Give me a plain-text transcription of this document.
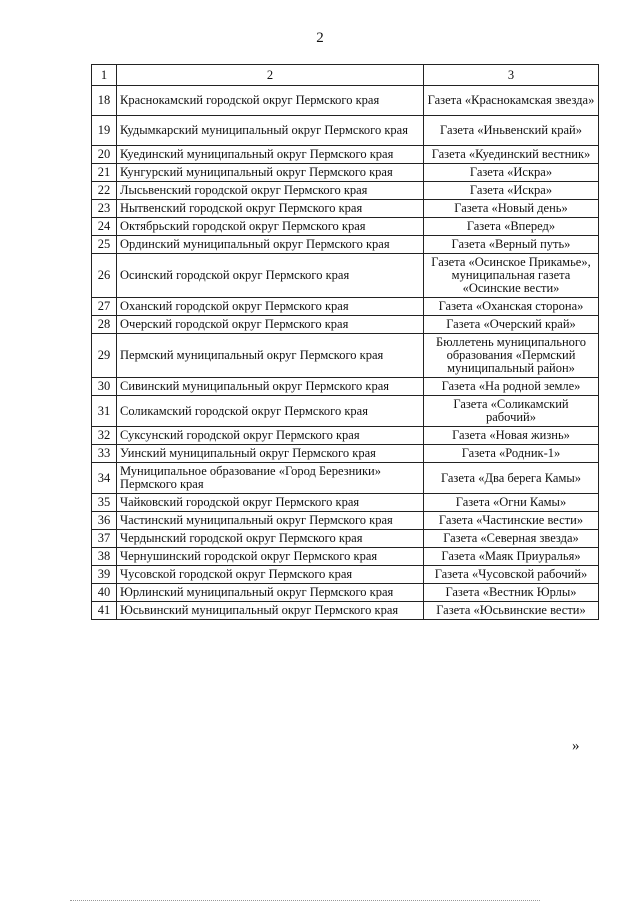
2
1	2	3
18	Краснокамский городской округ Пермского края	Газета «Краснокамская звезда»
19	Кудымкарский муниципальный округ Пермского края	Газета «Иньвенский край»
20	Куединский муниципальный округ Пермского края	Газета «Куединский вестник»
21	Кунгурский муниципальный округ Пермского края	Газета «Искра»
22	Лысьвенский городской округ Пермского края	Газета «Искра»
23	Нытвенский городской округ Пермского края	Газета «Новый день»
24	Октябрьский городской округ Пермского края	Газета «Вперед»
25	Ординский муниципальный округ Пермского края	Газета «Верный путь»
26	Осинский городской округ Пермского края	Газета «Осинское Прикамье», муниципальная газета «Осинские вести»
27	Оханский городской округ Пермского края	Газета «Оханская сторона»
28	Очерский городской округ Пермского края	Газета «Очерский край»
29	Пермский муниципальный округ Пермского края	Бюллетень муниципального образования «Пермский муниципальный район»
30	Сивинский муниципальный округ Пермского края	Газета «На родной земле»
31	Соликамский городской округ Пермского края	Газета «Соликамский рабочий»
32	Суксунский городской округ Пермского края	Газета «Новая жизнь»
33	Уинский муниципальный округ Пермского края	Газета «Родник-1»
34	Муниципальное образование «Город Березники» Пермского края	Газета «Два берега Камы»
35	Чайковский городской округ Пермского края	Газета «Огни Камы»
36	Частинский муниципальный округ Пермского края	Газета «Частинские вести»
37	Чердынский городской округ Пермского края	Газета «Северная звезда»
38	Чернушинский городской округ Пермского края	Газета «Маяк Приуралья»
39	Чусовской городской округ Пермского края	Газета «Чусовской рабочий»
40	Юрлинский муниципальный округ Пермского края	Газета «Вестник Юрлы»
41	Юсьвинский муниципальный округ Пермского края	Газета «Юсьвинские вести»
»
